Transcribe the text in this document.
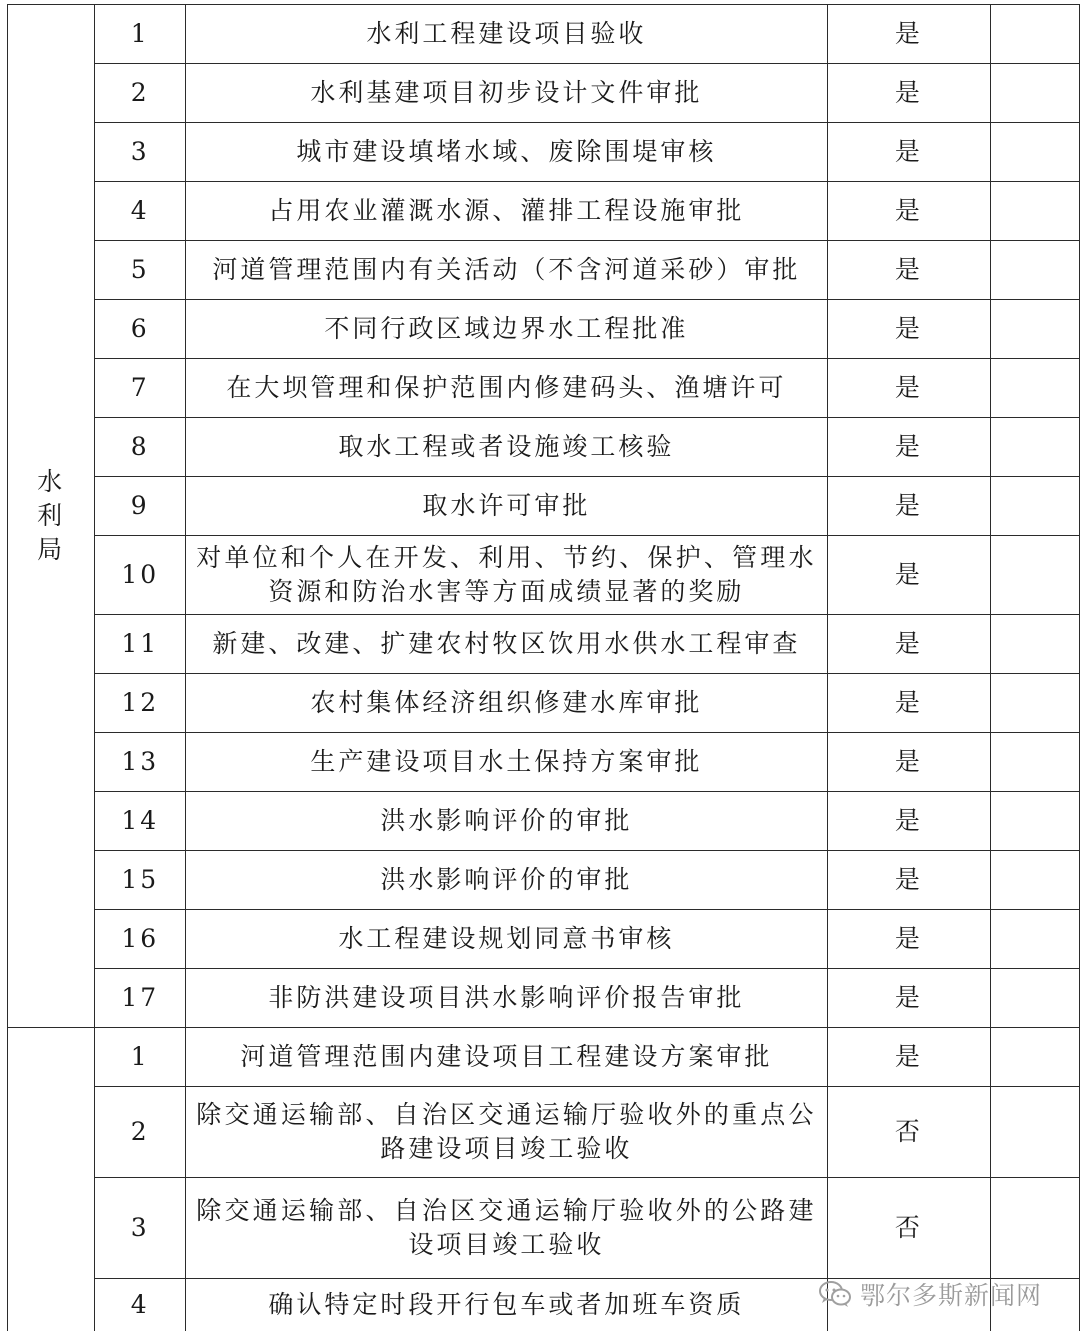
水利局	1	水利工程建设项目验收	是	
	2	水利基建项目初步设计文件审批	是	
	3	城市建设填堵水域、废除围堤审核	是	
	4	占用农业灌溉水源、灌排工程设施审批	是	
	5	河道管理范围内有关活动（不含河道采砂）审批	是	
	6	不同行政区域边界水工程批准	是	
	7	在大坝管理和保护范围内修建码头、渔塘许可	是	
	8	取水工程或者设施竣工核验	是	
	9	取水许可审批	是	
	10	对单位和个人在开发、利用、节约、保护、管理水资源和防治水害等方面成绩显著的奖励	是	
	11	新建、改建、扩建农村牧区饮用水供水工程审查	是	
	12	农村集体经济组织修建水库审批	是	
	13	生产建设项目水土保持方案审批	是	
	14	洪水影响评价的审批	是	
	15	洪水影响评价的审批	是	
	16	水工程建设规划同意书审核	是	
	17	非防洪建设项目洪水影响评价报告审批	是	
	1	河道管理范围内建设项目工程建设方案审批	是	
	2	除交通运输部、自治区交通运输厅验收外的重点公路建设项目竣工验收	否	
	3	除交通运输部、自治区交通运输厅验收外的公路建设项目竣工验收	否	
	4	确认特定时段开行包车或者加班车资质			鄂尔多斯新闻网
